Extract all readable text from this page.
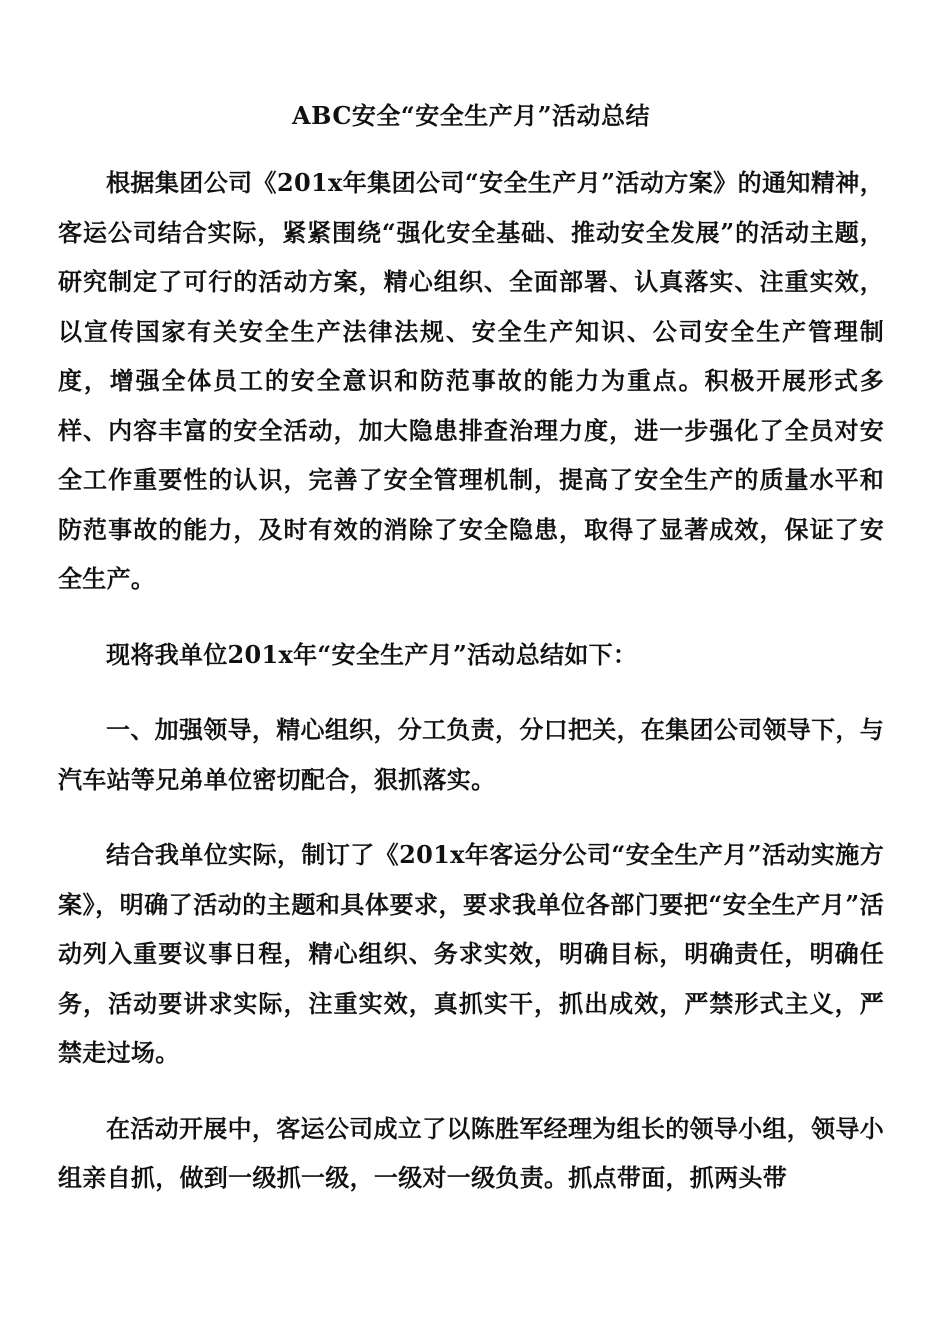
ABC安全“安全生产月”活动总结

根据集团公司《201x年集团公司“安全生产月”活动方案》的通知精神，客运公司结合实际，紧紧围绕“强化安全基础、推动安全发展”的活动主题，研究制定了可行的活动方案，精心组织、全面部署、认真落实、注重实效，以宣传国家有关安全生产法律法规、安全生产知识、公司安全生产管理制度，增强全体员工的安全意识和防范事故的能力为重点。积极开展形式多样、内容丰富的安全活动，加大隐患排查治理力度，进一步强化了全员对安全工作重要性的认识，完善了安全管理机制，提高了安全生产的质量水平和防范事故的能力，及时有效的消除了安全隐患，取得了显著成效，保证了安全生产。

现将我单位201x年“安全生产月”活动总结如下：

一、加强领导，精心组织，分工负责，分口把关，在集团公司领导下，与汽车站等兄弟单位密切配合，狠抓落实。

结合我单位实际，制订了《201x年客运分公司“安全生产月”活动实施方案》，明确了活动的主题和具体要求，要求我单位各部门要把“安全生产月”活动列入重要议事日程，精心组织、务求实效，明确目标，明确责任，明确任务，活动要讲求实际，注重实效，真抓实干，抓出成效，严禁形式主义，严禁走过场。

在活动开展中，客运公司成立了以陈胜军经理为组长的领导小组，领导小组亲自抓，做到一级抓一级，一级对一级负责。抓点带面，抓两头带
